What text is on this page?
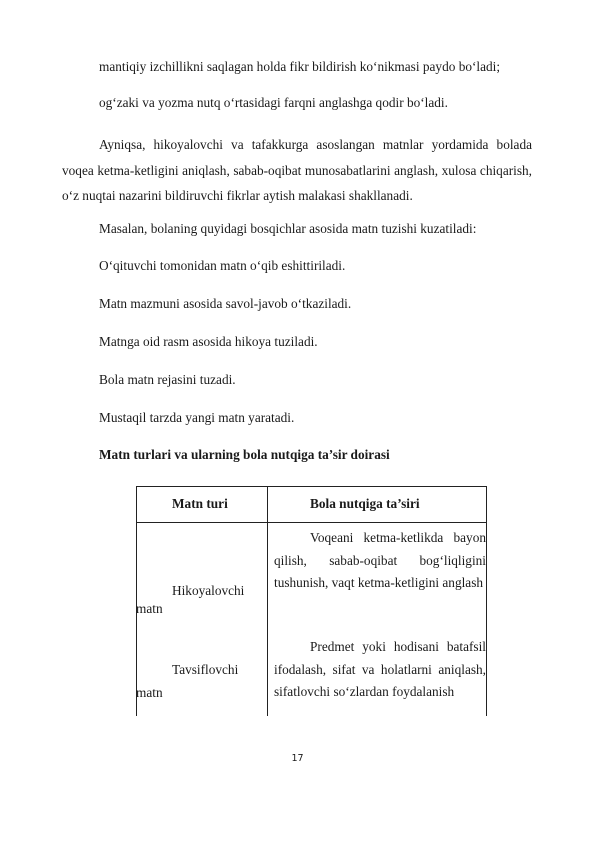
mantiqiy izchillikni saqlagan holda fikr bildirish ko‘nikmasi paydo bo‘ladi;
og‘zaki va yozma nutq o‘rtasidagi farqni anglashga qodir bo‘ladi.
Ayniqsa, hikoyalovchi va tafakkurga asoslangan matnlar yordamida bolada voqea ketma-ketligini aniqlash, sabab-oqibat munosabatlarini anglash, xulosa chiqarish, o‘z nuqtai nazarini bildiruvchi fikrlar aytish malakasi shakllanadi.
Masalan, bolaning quyidagi bosqichlar asosida matn tuzishi kuzatiladi:
O‘qituvchi tomonidan matn o‘qib eshittiriladi.
Matn mazmuni asosida savol-javob o‘tkaziladi.
Matnga oid rasm asosida hikoya tuziladi.
Bola matn rejasini tuzadi.
Mustaqil tarzda yangi matn yaratadi.
Matn turlari va ularning bola nutqiga ta’sir doirasi
Matn turi	Bola nutqiga ta’siri
Hikoyalovchi
matn
Voqeani ketma-ketlikda bayon qilish, sabab-oqibat bog‘liqligini tushunish, vaqt ketma-ketligini anglash
Tavsiflovchi
matn
Predmet yoki hodisani batafsil ifodalash, sifat va holatlarni aniqlash, sifatlovchi so‘zlardan foydalanish
17
